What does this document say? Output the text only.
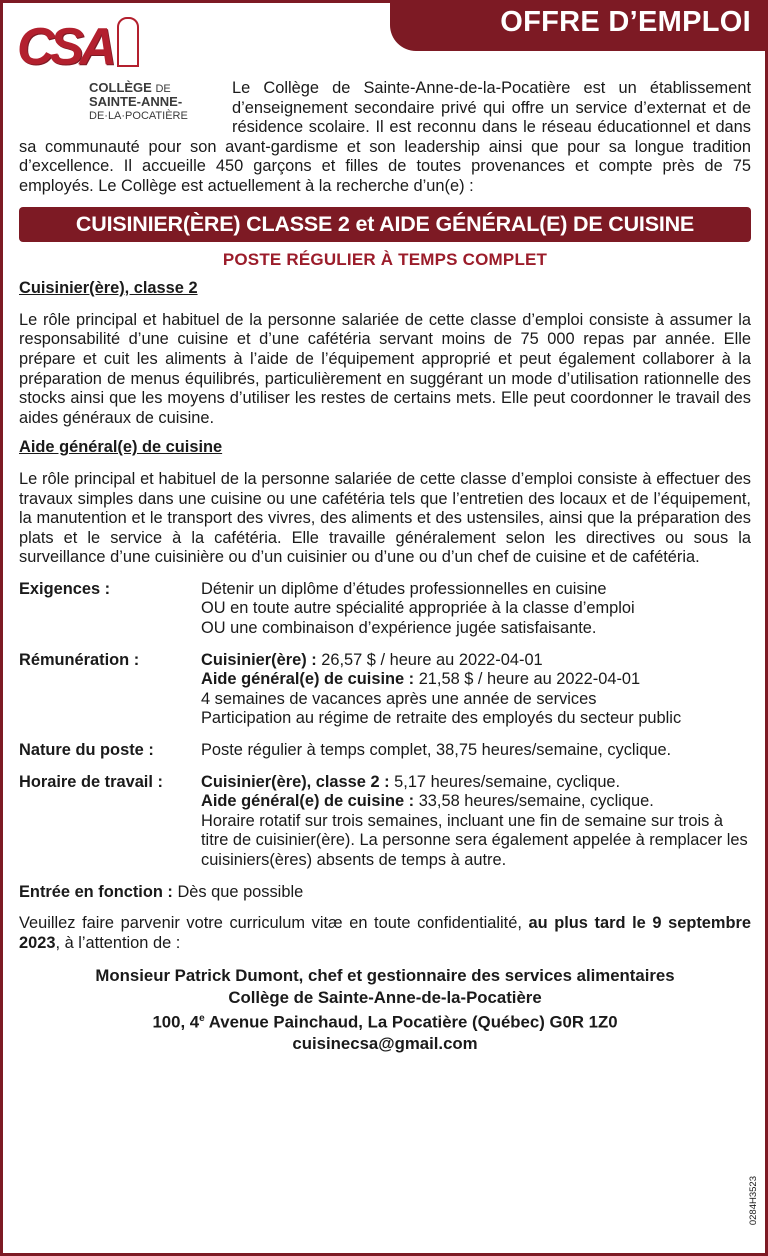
OFFRE D’EMPLOI
CSA
COLLÈGE DE
SAINTE-ANNE-
DE·LA·POCATIÈRE

Le Collège de Sainte-Anne-de-la-Pocatière est un établissement d’enseignement secondaire privé qui offre un service d’externat et de résidence scolaire. Il est reconnu dans le réseau éducationnel et dans sa communauté pour son avant-gardisme et son leadership ainsi que pour sa longue tradition d’excellence. Il accueille 450 garçons et filles de toutes provenances et compte près de 75 employés. Le Collège est actuellement à la recherche d’un(e) :

CUISINIER(ÈRE) CLASSE 2 et AIDE GÉNÉRAL(E) DE CUISINE
POSTE RÉGULIER À TEMPS COMPLET
Cuisinier(ère), classe 2

Le rôle principal et habituel de la personne salariée de cette classe d’emploi consiste à assumer la responsabilité d’une cuisine et d’une cafétéria servant moins de 75 000 repas par année. Elle prépare et cuit les aliments à l’aide de l’équipement approprié et peut également collaborer à la préparation de menus équilibrés, particulièrement en suggérant un mode d’utilisation rationnelle des stocks ainsi que les moyens d’utiliser les restes de certains mets. Elle peut coordonner le travail des aides généraux de cuisine.

Aide général(e) de cuisine

Le rôle principal et habituel de la personne salariée de cette classe d’emploi consiste à effectuer des travaux simples dans une cuisine ou une cafétéria tels que l’entretien des locaux et de l’équipement, la manutention et le transport des vivres, des aliments et des ustensiles, ainsi que la préparation des plats et le service à la cafétéria. Elle travaille généralement selon les directives ou sous la surveillance d’une cuisinière ou d’un cuisinier ou d’une ou d’un chef de cuisine et de cafétéria.

Exigences :	Détenir un diplôme d’études professionnelles en cuisine
OU en toute autre spécialité appropriée à la classe d’emploi
OU une combinaison d’expérience jugée satisfaisante.
Rémunération :	Cuisinier(ère) : 26,57 $ / heure au 2022-04-01
Aide général(e) de cuisine : 21,58 $ / heure au 2022-04-01
4 semaines de vacances après une année de services
Participation au régime de retraite des employés du secteur public
Nature du poste :	Poste régulier à temps complet, 38,75 heures/semaine, cyclique.
Horaire de travail :	Cuisinier(ère), classe 2 : 5,17 heures/semaine, cyclique.
Aide général(e) de cuisine : 33,58 heures/semaine, cyclique.
Horaire rotatif sur trois semaines, incluant une fin de semaine sur trois à titre de cuisinier(ère). La personne sera également appelée à remplacer les cuisiniers(ères) absents de temps à autre.
Entrée en fonction : Dès que possible

Veuillez faire parvenir votre curriculum vitæ en toute confidentialité, au plus tard le 9 septembre 2023, à l’attention de :

Monsieur Patrick Dumont, chef et gestionnaire des services alimentaires
Collège de Sainte-Anne-de-la-Pocatière
100, 4e Avenue Painchaud, La Pocatière (Québec) G0R 1Z0
cuisinecsa@gmail.com
0284H3523
